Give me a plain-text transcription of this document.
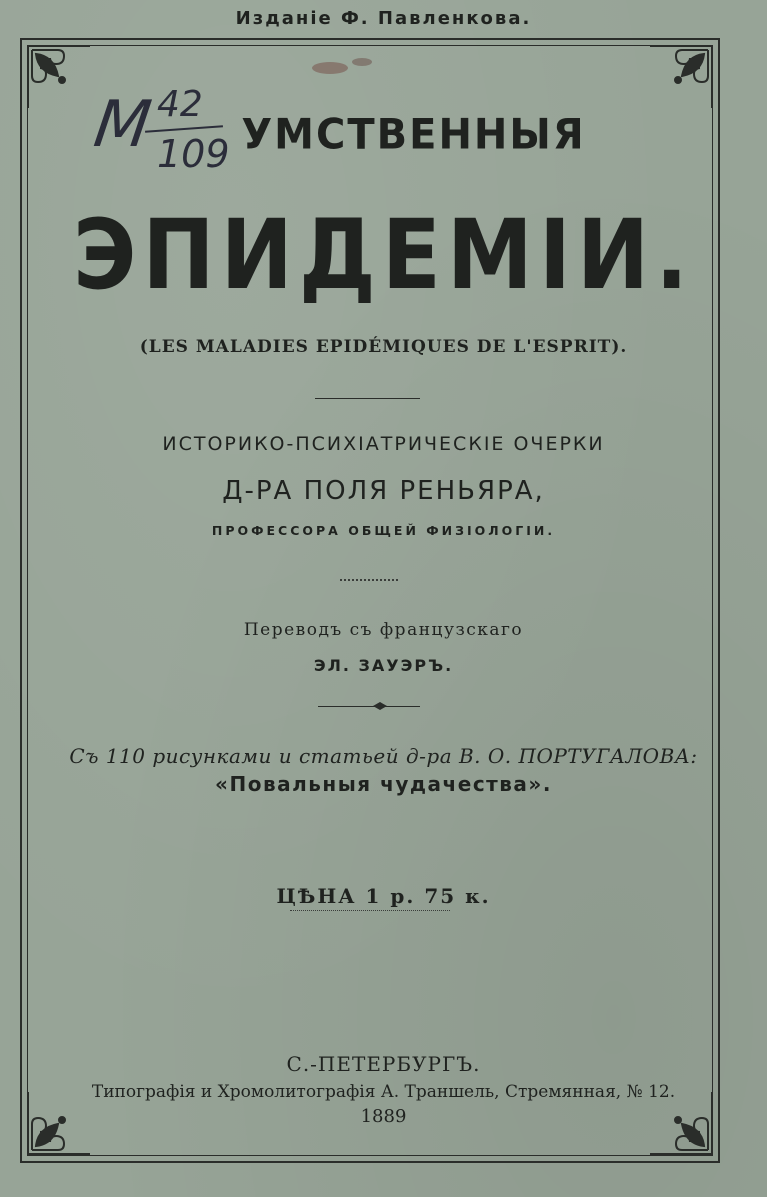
Изданіе Ф. Павленкова.
M 42
109 УМСТВЕННЫЯ
ЭПИДЕМІИ.
(LES MALADIES EPIDÉMIQUES DE L'ESPRIT).
ИСТОРИКО-ПСИХІАТРИЧЕСКІЕ ОЧЕРКИ
Д-РА ПОЛЯ РЕНЬЯРА,
ПРОФЕССОРА ОБЩЕЙ ФИЗІОЛОГІИ.
Переводъ съ французскаго
ЭЛ. ЗАУЭРЪ.
Съ 110 рисунками и статьей д-ра В. О. ПОРТУГАЛОВА:
«Повальныя чудачества».
ЦѢНА 1 р. 75 к.
С.-ПЕТЕРБУРГЪ.
Типографія и Хромолитографія А. Траншель, Стремянная, № 12.
1889
